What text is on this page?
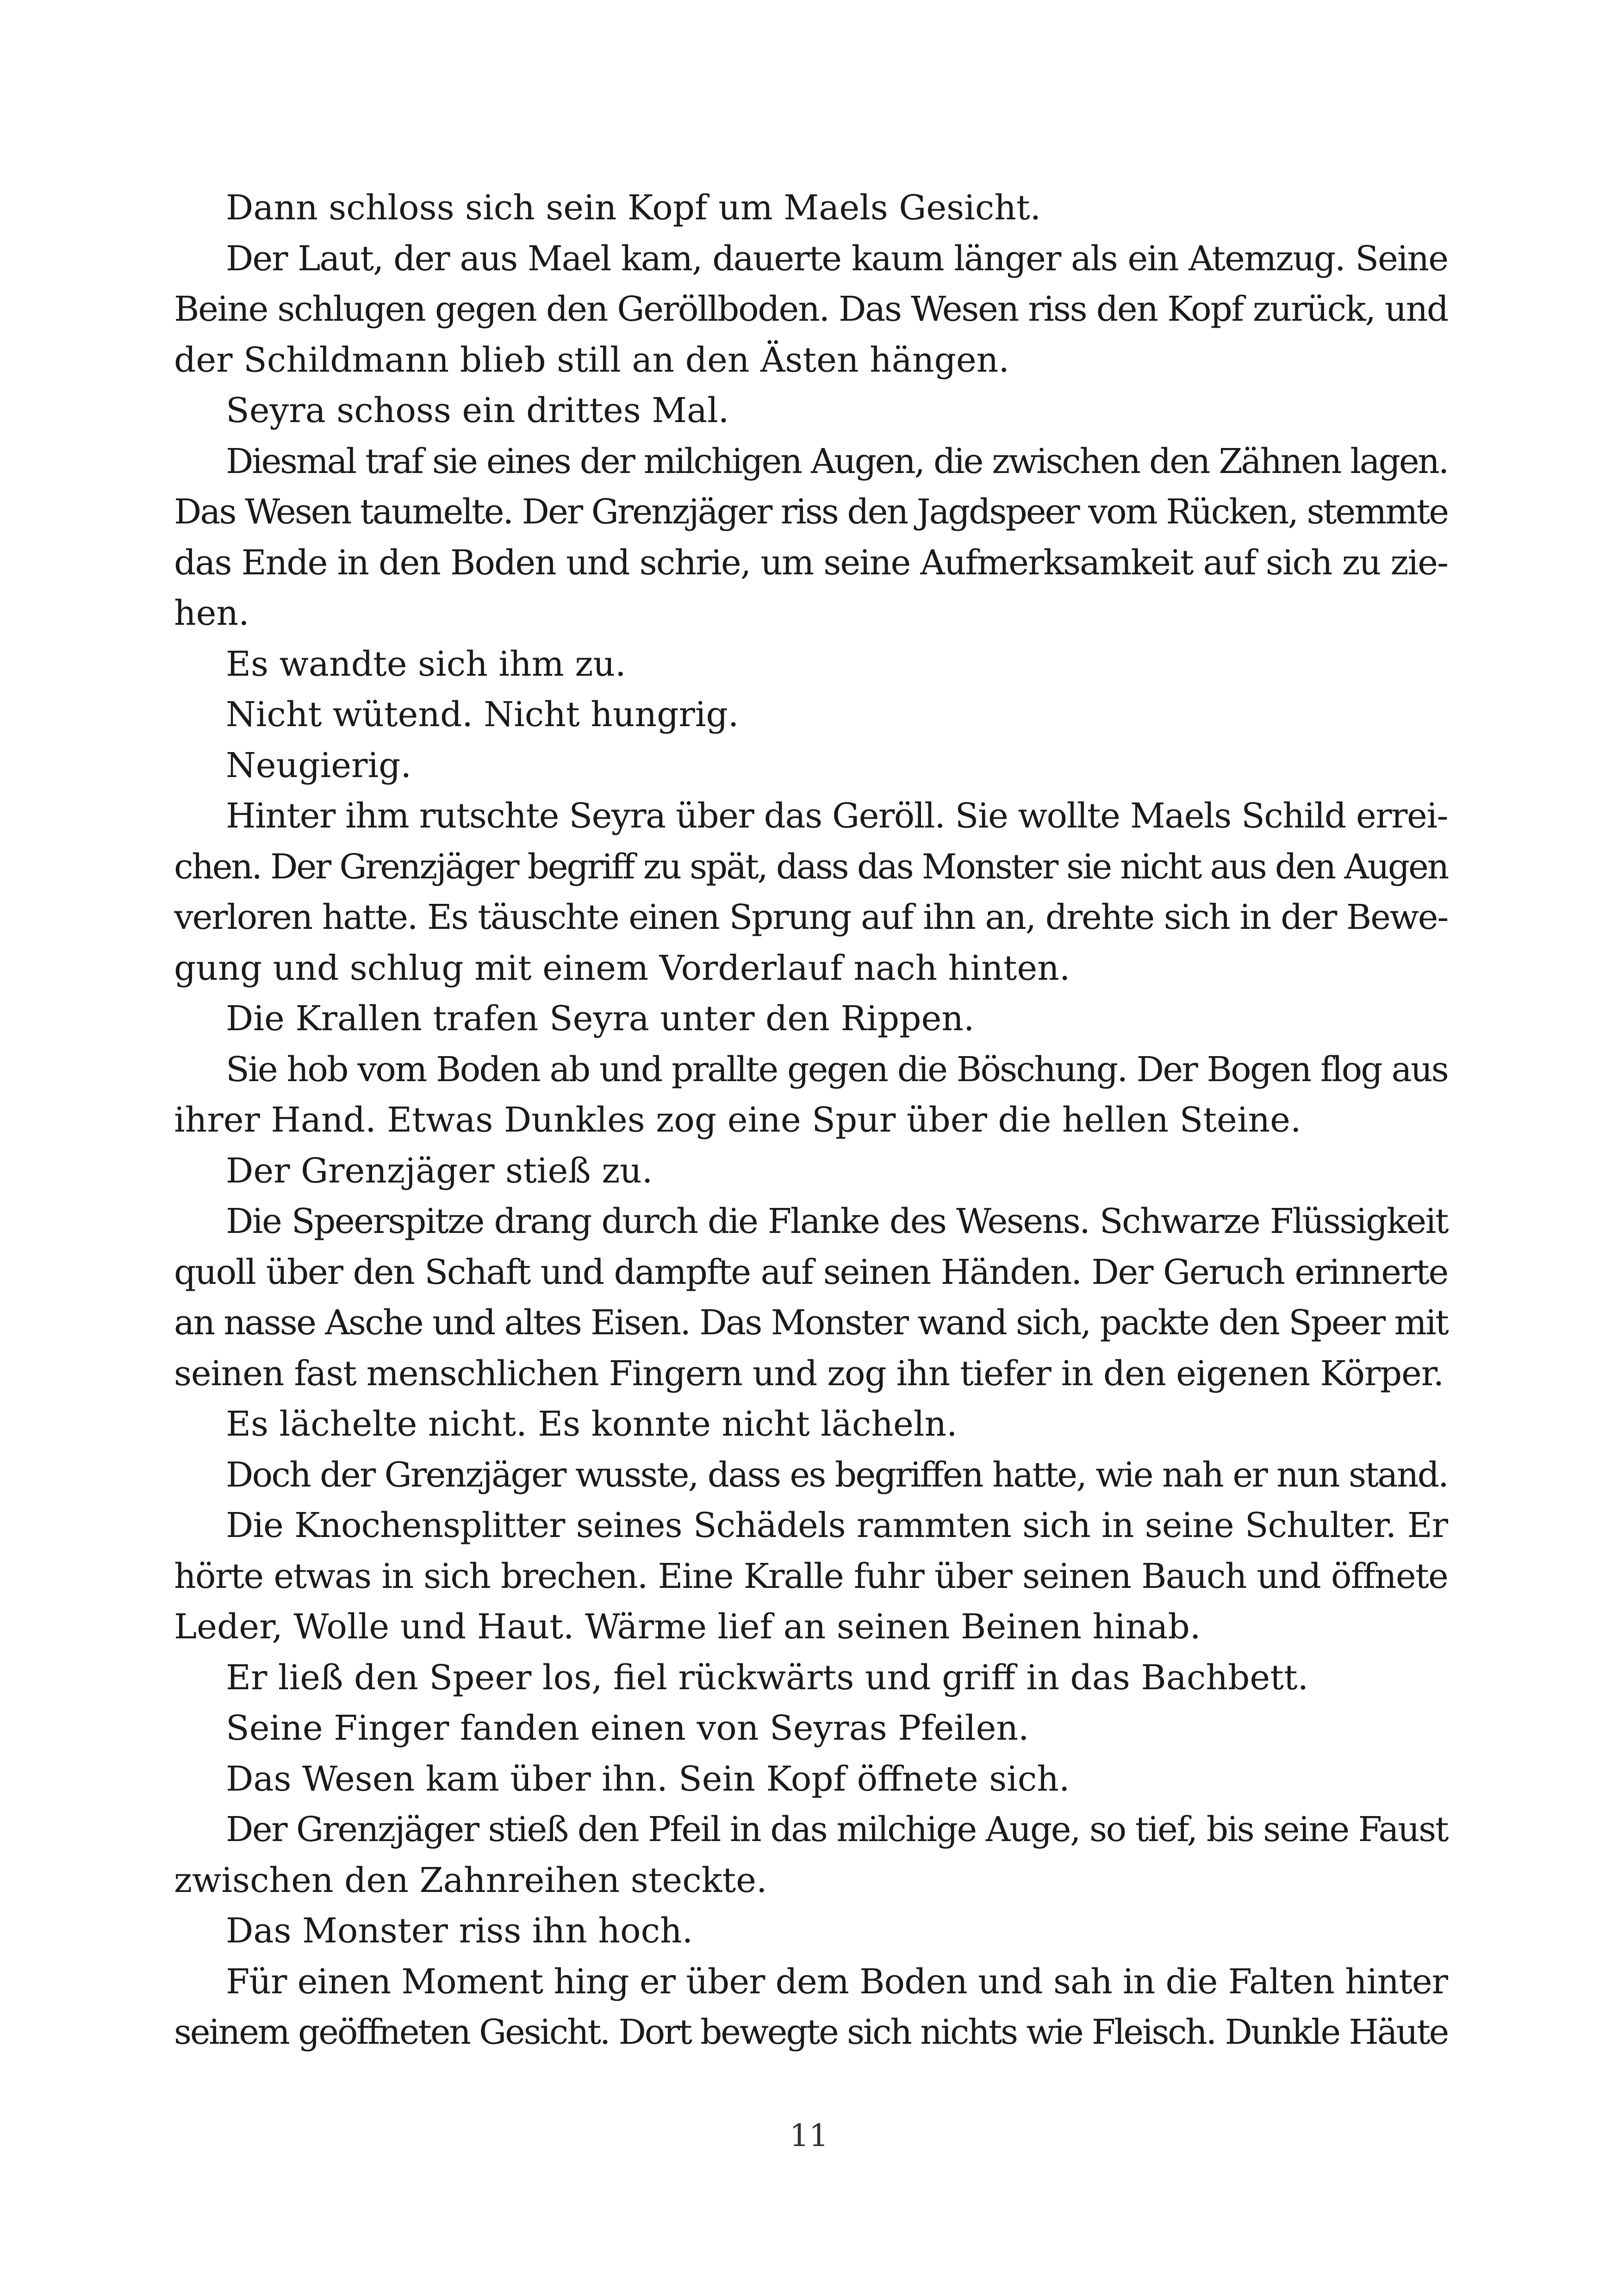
Dann schloss sich sein Kopf um Maels Gesicht.
Der Laut, der aus Mael kam, dauerte kaum länger als ein Atemzug. Seine
Beine schlugen gegen den Geröllboden. Das Wesen riss den Kopf zurück, und
der Schildmann blieb still an den Ästen hängen.
Seyra schoss ein drittes Mal.
Diesmal traf sie eines der milchigen Augen, die zwischen den Zähnen lagen.
Das Wesen taumelte. Der Grenzjäger riss den Jagdspeer vom Rücken, stemmte
das Ende in den Boden und schrie, um seine Aufmerksamkeit auf sich zu zie-
hen.
Es wandte sich ihm zu.
Nicht wütend. Nicht hungrig.
Neugierig.
Hinter ihm rutschte Seyra über das Geröll. Sie wollte Maels Schild errei-
chen. Der Grenzjäger begriff zu spät, dass das Monster sie nicht aus den Augen
verloren hatte. Es täuschte einen Sprung auf ihn an, drehte sich in der Bewe-
gung und schlug mit einem Vorderlauf nach hinten.
Die Krallen trafen Seyra unter den Rippen.
Sie hob vom Boden ab und prallte gegen die Böschung. Der Bogen flog aus
ihrer Hand. Etwas Dunkles zog eine Spur über die hellen Steine.
Der Grenzjäger stieß zu.
Die Speerspitze drang durch die Flanke des Wesens. Schwarze Flüssigkeit
quoll über den Schaft und dampfte auf seinen Händen. Der Geruch erinnerte
an nasse Asche und altes Eisen. Das Monster wand sich, packte den Speer mit
seinen fast menschlichen Fingern und zog ihn tiefer in den eigenen Körper.
Es lächelte nicht. Es konnte nicht lächeln.
Doch der Grenzjäger wusste, dass es begriffen hatte, wie nah er nun stand.
Die Knochensplitter seines Schädels rammten sich in seine Schulter. Er
hörte etwas in sich brechen. Eine Kralle fuhr über seinen Bauch und öffnete
Leder, Wolle und Haut. Wärme lief an seinen Beinen hinab.
Er ließ den Speer los, fiel rückwärts und griff in das Bachbett.
Seine Finger fanden einen von Seyras Pfeilen.
Das Wesen kam über ihn. Sein Kopf öffnete sich.
Der Grenzjäger stieß den Pfeil in das milchige Auge, so tief, bis seine Faust
zwischen den Zahnreihen steckte.
Das Monster riss ihn hoch.
Für einen Moment hing er über dem Boden und sah in die Falten hinter
seinem geöffneten Gesicht. Dort bewegte sich nichts wie Fleisch. Dunkle Häute
11
